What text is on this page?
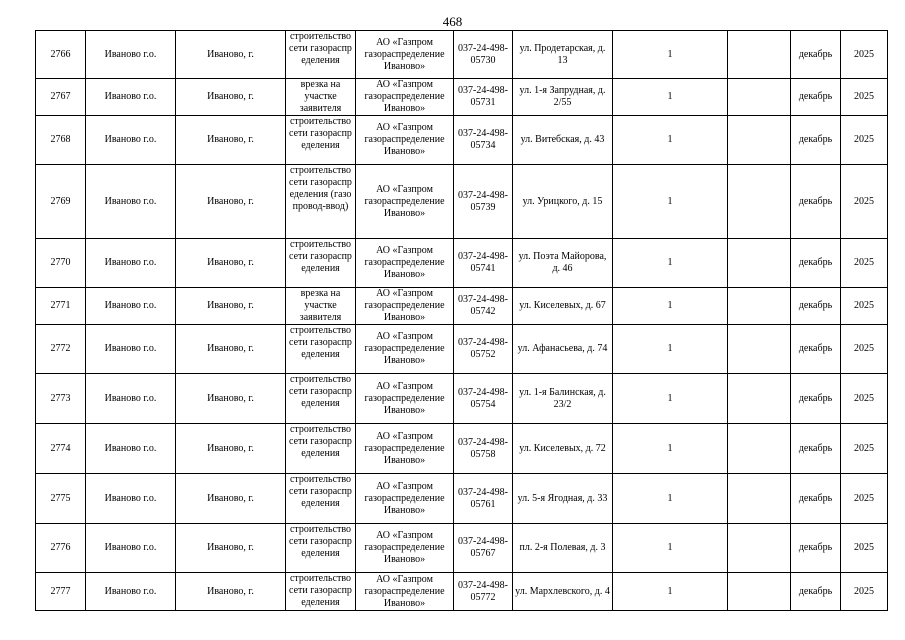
468
2766	Иваново г.о.	Иваново, г.	строительство сети газораспределения	АО «Газпром газораспределение Иваново»	037-24-498-05730	ул. Продетарская, д. 13	1		декабрь	2025
2767	Иваново г.о.	Иваново, г.	врезка на участке заявителя	АО «Газпром газораспределение Иваново»	037-24-498-05731	ул. 1-я Запрудная, д. 2/55	1		декабрь	2025
2768	Иваново г.о.	Иваново, г.	строительство сети газораспределения	АО «Газпром газораспределение Иваново»	037-24-498-05734	ул. Витебская, д. 43	1		декабрь	2025
2769	Иваново г.о.	Иваново, г.	строительство сети газораспределения (газопровод-ввод)	АО «Газпром газораспределение Иваново»	037-24-498-05739	ул. Урицкого, д. 15	1		декабрь	2025
2770	Иваново г.о.	Иваново, г.	строительство сети газораспределения	АО «Газпром газораспределение Иваново»	037-24-498-05741	ул. Поэта Майорова, д. 46	1		декабрь	2025
2771	Иваново г.о.	Иваново, г.	врезка на участке заявителя	АО «Газпром газораспределение Иваново»	037-24-498-05742	ул. Киселевых, д. 67	1		декабрь	2025
2772	Иваново г.о.	Иваново, г.	строительство сети газораспределения	АО «Газпром газораспределение Иваново»	037-24-498-05752	ул. Афанасьева, д. 74	1		декабрь	2025
2773	Иваново г.о.	Иваново, г.	строительство сети газораспределения	АО «Газпром газораспределение Иваново»	037-24-498-05754	ул. 1-я Балинская, д. 23/2	1		декабрь	2025
2774	Иваново г.о.	Иваново, г.	строительство сети газораспределения	АО «Газпром газораспределение Иваново»	037-24-498-05758	ул. Киселевых, д. 72	1		декабрь	2025
2775	Иваново г.о.	Иваново, г.	строительство сети газораспределения	АО «Газпром газораспределение Иваново»	037-24-498-05761	ул. 5-я Ягодная, д. 33	1		декабрь	2025
2776	Иваново г.о.	Иваново, г.	строительство сети газораспределения	АО «Газпром газораспределение Иваново»	037-24-498-05767	пл. 2-я Полевая, д. 3	1		декабрь	2025
2777	Иваново г.о.	Иваново, г.	строительство сети газораспределения	АО «Газпром газораспределение Иваново»	037-24-498-05772	ул. Мархлевского, д. 4	1		декабрь	2025
